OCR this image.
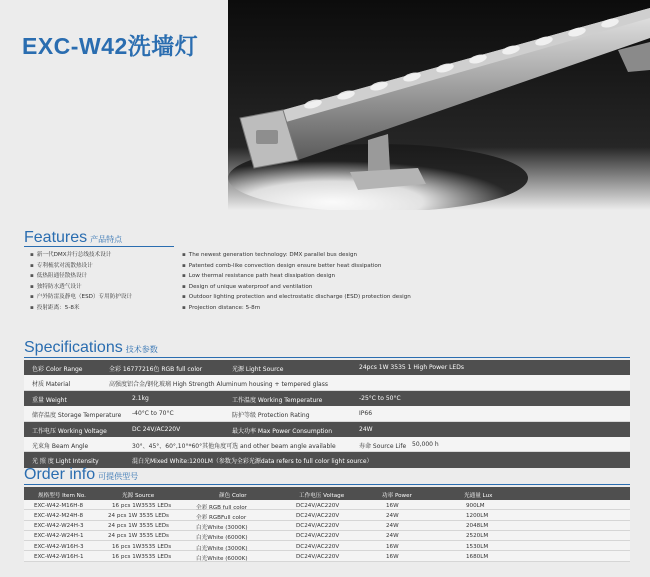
EXC-W42洗墙灯
Features 产品特点
▪ 新一代DMX并行总线技术设计
▪ 专利梳状对流散热设计
▪ 低热阻通径散热设计
▪ 独特防水透气设计
▪ 户外防雷及静电（ESD）专用防护设计
▪ 投射距离：5-8米
▪ The newest generation technology: DMX parallel bus design
▪ Patented comb-like convection design ensure better heat dissipation
▪ Low thermal resistance path heat dissipation design
▪ Design of unique waterproof and ventilation
▪ Outdoor lighting protection and electrostatic discharge (ESD) protection design
▪ Projection distance: 5-8m
Specifications 技术参数
色彩 Color Range	全彩 16777216色 RGB full color	光源 Light Source	24pcs 1W 3535 1 High Power LEDs
材质 Material	高强度铝合金/钢化玻璃 High Strength Aluminum housing + tempered glass
重量 Weight	2.1kg	工作温度 Working Temperature	-25°C to 50°C
储存温度 Storage Temperature -40°C to 70°C	防护等级 Protection Rating	IP66
工作电压 Working Voltage	DC 24V/AC220V	最大功率 Max Power Consumption	24W
光束角 Beam Angle	30°、45°、60°,10°*60°其他角度可选 and other beam angle available	寿命 Source Life 50,000 h
光 照 度 Light Intensity	混白光Mixed White:1200LM（参数为全彩光源data refers to full color light source）
Order info 可提供型号
规格型号 Item No.	光源 Source	颜色 Color	工作电压 Voltage	功率 Power	光通量 Lux
EXC-W42-M16H-8	16 pcs 1W3535 LEDs	全彩 RGB full color	DC24V/AC220V	16W	900LM
EXC-W42-M24H-8	24 pcs 1W 3535 LEDs	全彩 RGBFull color	DC24V/AC220V	24W	1200LM
EXC-W42-W24H-3	24 pcs 1W 3535 LEDs	白光White (3000K)	DC24V/AC220V	24W	2048LM
EXC-W42-W24H-1	24 pcs 1W 3535 LEDs	白光White (6000K)	DC24V/AC220V	24W	2520LM
EXC-W42-W16H-3	16 pcs 1W3535 LEDs	白光White (3000K)	DC24V/AC220V	16W	1530LM
EXC-W42-W16H-1	16 pcs 1W3535 LEDs	白光White (6000K)	DC24V/AC220V	16W	1680LM
